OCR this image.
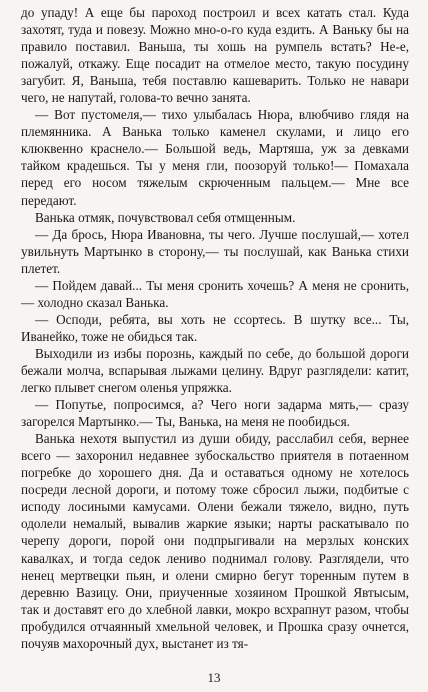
до упаду! А еще бы пароход построил и всех катать стал. Куда захотят, туда и повезу. Можно мно-о-го куда ездить. А Ваньку бы на правило поставил. Ваньша, ты хошь на румпель встать? Не-е, пожалуй, откажу. Еще посадит на отмелое место, такую посудину загубит. Я, Ваньша, тебя поставлю кашеварить. Только не навари чего, не напутай, голова-то вечно занята.

— Вот пустомеля,— тихо улыбалась Нюра, влюбчиво глядя на племянника. А Ванька только каменел скулами, и лицо его клюквенно краснело.— Большой ведь, Мартяша, уж за девками тайком крадешься. Ты у меня гли, поозоруй только!— Помахала перед его носом тяжелым скрюченным пальцем.— Мне все передают.

Ванька отмяк, почувствовал себя отмщенным.

— Да брось, Нюра Ивановна, ты чего. Лучше послушай,— хотел увильнуть Мартынко в сторону,— ты послушай, как Ванька стихи плетет.

— Пойдем давай... Ты меня сронить хочешь? А меня не сронить,— холодно сказал Ванька.

— Осподи, ребята, вы хоть не ссортесь. В шутку все... Ты, Иванейко, тоже не обидься так.

Выходили из избы порознь, каждый по себе, до большой дороги бежали молча, вспарывая лыжами целину. Вдруг разглядели: катит, легко плывет снегом оленья упряжка.

— Попутье, попросимся, а? Чего ноги задарма мять,— сразу загорелся Мартынко.— Ты, Ванька, на меня не пообидься.

Ванька нехотя выпустил из души обиду, расслабил себя, вернее всего — захоронил недавнее зубоскальство приятеля в потаенном погребке до хорошего дня. Да и оставаться одному не хотелось посреди лесной дороги, и потому тоже сбросил лыжи, подбитые с исподу лосиными камусами. Олени бежали тяжело, видно, путь одолели немалый, вывалив жаркие языки; нарты раскатывало по черепу дороги, порой они подпрыгивали на мерзлых конских кавалках, и тогда седок лениво поднимал голову. Разглядели, что ненец мертвецки пьян, и олени смирно бегут торенным путем в деревню Вазицу. Они, приученные хозяином Прошкой Явтысым, так и доставят его до хлебной лавки, мокро всхрапнут разом, чтобы пробудился отчаянный хмельной человек, и Прошка сразу очнется, почуяв махорочный дух, выстанет из тя-

13
